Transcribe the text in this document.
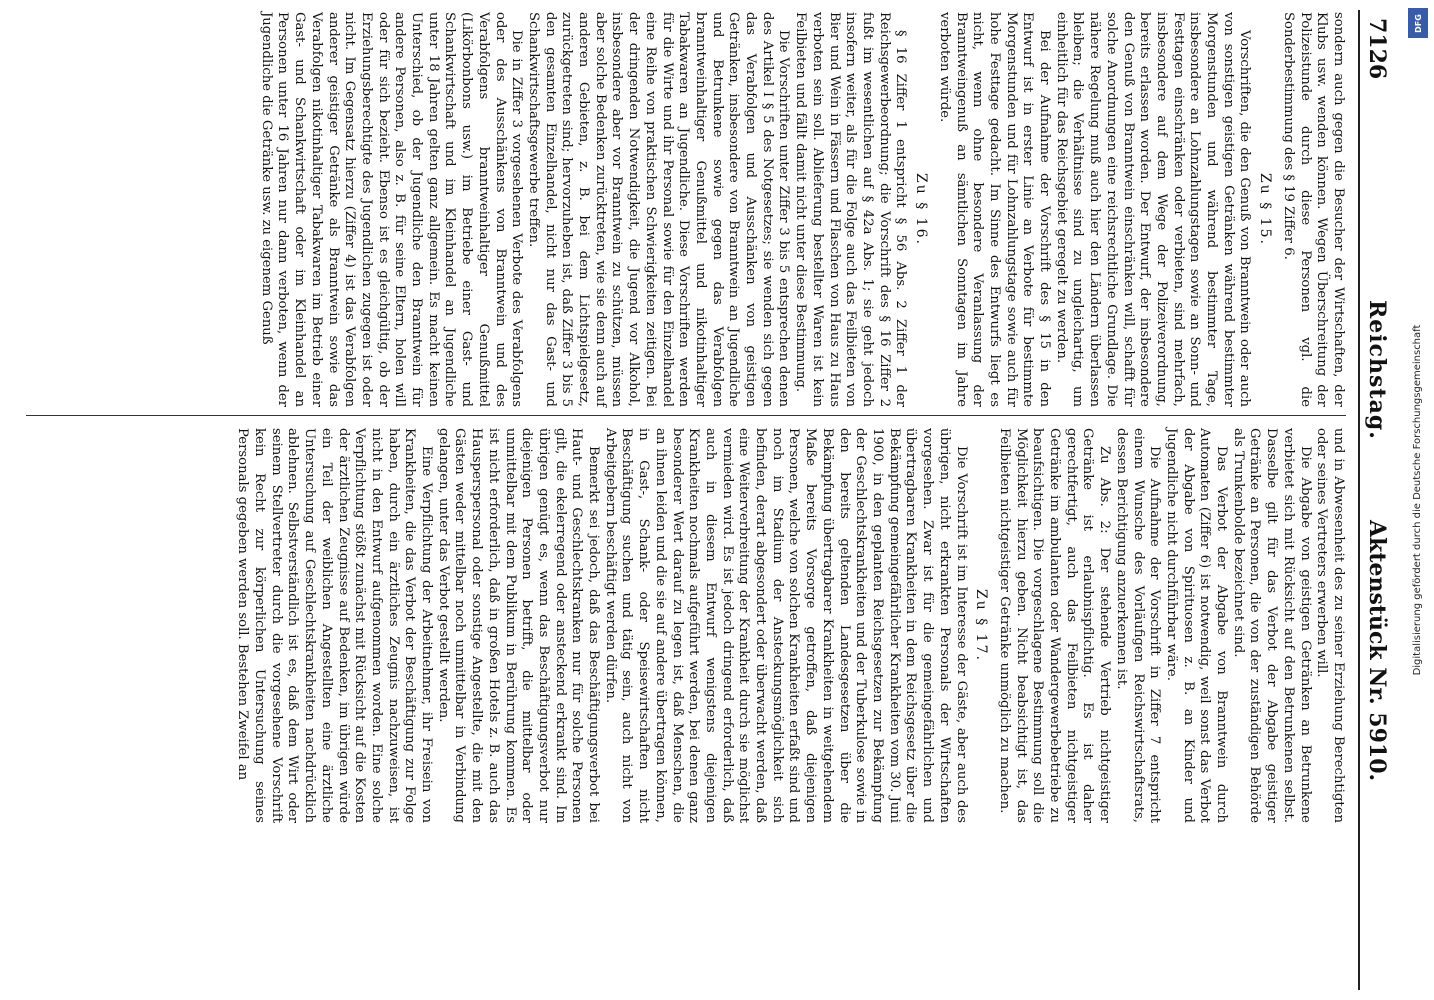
7126
Reichstag.
Aktenstück Nr. 5910.

sondern auch gegen die Besucher der Wirtschaften, der Klubs usw. wenden können. Wegen Überschreitung der Polizeistunde durch diese Personen vgl. die Sonderbestimmung des § 19 Ziffer 6.

Zu § 15.

Vorschriften, die den Genuß von Branntwein oder auch von sonstigen geistigen Getränken während bestimmter Morgenstunden und während bestimmter Tage, insbesondere an Lohnzahlungstagen sowie an Sonn- und Festtagen einschränken oder verbieten, sind mehrfach, insbesondere auf dem Wege der Polizeiverordnung, bereits erlassen worden. Der Entwurf, der insbesondere den Genuß von Branntwein einschränken will, schafft für solche Anordnungen eine reichsrechtliche Grundlage. Die nähere Regelung muß auch hier den Ländern überlassen bleiben; die Verhältnisse sind zu ungleichartig, um einheitlich für das Reichsgebiet geregelt zu werden.

Bei der Aufnahme der Vorschrift des § 15 in den Entwurf ist in erster Linie an Verbote für bestimmte Morgenstunden und für Lohnzahlungstage sowie auch für hohe Festtage gedacht. Im Sinne des Entwurfs liegt es nicht, wenn ohne besondere Veranlassung der Branntweingenuß an sämtlichen Sonntagen im Jahre verboten würde.

Zu § 16.

§ 16 Ziffer 1 entspricht § 56 Abs. 2 Ziffer 1 der Reichsgewerbeordnung; die Vorschrift des § 16 Ziffer 2 fußt im wesentlichen auf § 42a Abs. 1; sie geht jedoch insofern weiter, als für die Folge auch das Feilbieten von Bier und Wein in Fässern und Flaschen von Haus zu Haus verboten sein soll. Ablieferung bestellter Waren ist kein Feilbieten und fällt damit nicht unter diese Bestimmung.

Die Vorschriften unter Ziffer 3 bis 5 entsprechen denen des Artikel I § 5 des Notgesetzes; sie wenden sich gegen das Verabfolgen und Ausschänken von geistigen Getränken, insbesondere von Branntwein an Jugendliche und Betrunkene sowie gegen das Verabfolgen branntweinhaltiger Genußmittel und nikotinhaltiger Tabakwaren an Jugendliche. Diese Vorschriften werden für die Wirte und ihr Personal sowie für den Einzelhandel eine Reihe von praktischen Schwierigkeiten zeitigen. Bei der dringenden Notwendigkeit, die Jugend vor Alkohol, insbesondere aber vor Branntwein zu schützen, müssen aber solche Bedenken zurücktreten, wie sie denn auch auf anderen Gebieten, z. B. bei dem Lichtspielgesetz, zurückgetreten sind; hervorzuheben ist, daß Ziffer 3 bis 5 den gesamten Einzelhandel, nicht nur das Gast- und Schankwirtschaftsgewerbe treffen.

Die in Ziffer 3 vorgesehenen Verbote des Verabfolgens oder des Ausschänkens von Branntwein und des Verabfolgens branntweinhaltiger Genußmittel (Likörbonbons usw.) im Betriebe einer Gast- und Schankwirtschaft und im Kleinhandel an Jugendliche unter 18 Jahren gelten ganz allgemein. Es macht keinen Unterschied, ob der Jugendliche den Branntwein für andere Personen, also z. B. für seine Eltern, holen will oder für sich bezieht. Ebenso ist es gleichgültig, ob der Erziehungsberechtigte des Jugendlichen zugegen ist oder nicht. Im Gegensatz hierzu (Ziffer 4) ist das Verabfolgen anderer geistiger Getränke als Branntwein sowie das Verabfolgen nikotinhaltiger Tabakwaren im Betrieb einer Gast- und Schankwirtschaft oder im Kleinhandel an Personen unter 16 Jahren nur dann verboten, wenn der Jugendliche die Getränke usw. zu eigenem Genuß

und in Abwesenheit des zu seiner Erziehung Berechtigten oder seines Vertreters erwerben will.

Die Abgabe von geistigen Getränken an Betrunkene verbietet sich mit Rücksicht auf den Betrunkenen selbst. Dasselbe gilt für das Verbot der Abgabe geistiger Getränke an Personen, die von der zuständigen Behörde als Trunkenbolde bezeichnet sind.

Das Verbot der Abgabe von Branntwein durch Automaten (Ziffer 6) ist notwendig, weil sonst das Verbot der Abgabe von Spirituosen z. B. an Kinder und Jugendliche nicht durchführbar wäre.

Die Aufnahme der Vorschrift in Ziffer 7 entspricht einem Wunsche des Vorläufigen Reichswirtschaftsrats, dessen Berichtigung anzuerkennen ist.

Zu Abs. 2: Der stehende Vertrieb nichtgeistiger Getränke ist erlaubnispflichtig. Es ist daher gerechtfertigt, auch das Feilbieten nichtgeistiger Getränke im ambulanten oder Wandergewerbebetriebe zu beaufsichtigen. Die vorgeschlagene Bestimmung soll die Möglichkeit hierzu geben. Nicht beabsichtigt ist, das Feilbieten nichtgeistiger Getränke unmöglich zu machen.

Zu § 17.

Die Vorschrift ist im Interesse der Gäste, aber auch des übrigen, nicht erkrankten Personals der Wirtschaften vorgesehen. Zwar ist für die gemeingefährlichen und übertragbaren Krankheiten in dem Reichsgesetz über die Bekämpfung gemeingefährlicher Krankheiten vom 30. Juni 1900, in den geplanten Reichsgesetzen zur Bekämpfung der Geschlechtskrankheiten und der Tuberkulose sowie in den bereits geltenden Landesgesetzen über die Bekämpfung übertragbarer Krankheiten in weitgehendem Maße bereits Vorsorge getroffen, daß diejenigen Personen, welche von solchen Krankheiten erfaßt sind und noch im Stadium der Ansteckungsmöglichkeit sich befinden, derart abgesondert oder überwacht werden, daß eine Weiterverbreitung der Krankheit durch sie möglichst vermieden wird. Es ist jedoch dringend erforderlich, daß auch in diesem Entwurf wenigstens diejenigen Krankheiten nochmals aufgeführt werden, bei denen ganz besonderer Wert darauf zu legen ist, daß Menschen, die an ihnen leiden und die sie auf andere übertragen können, in Gast-, Schank- oder Speisewirtschaften nicht Beschäftigung suchen und tätig sein, auch nicht von Arbeitgebern beschäftigt werden dürfen.

Bemerkt sei jedoch, daß das Beschäftigungsverbot bei Haut- und Geschlechtskranken nur für solche Personen gilt, die ekelerregend oder ansteckend erkrankt sind. Im übrigen genügt es, wenn das Beschäftigungsverbot nur diejenigen Personen betrifft, die mittelbar oder unmittelbar mit dem Publikum in Berührung kommen. Es ist nicht erforderlich, daß in großen Hotels z. B. auch das Hausperspersonal oder sonstige Angestellte, die mit den Gästen weder mittelbar noch unmittelbar in Verbindung gelangen, unter das Verbot gestellt werden.

Eine Verpflichtung der Arbeitnehmer, ihr Freisein von Krankheiten, die das Verbot der Beschäftigung zur Folge haben, durch ein ärztliches Zeugnis nachzuweisen, ist nicht in den Entwurf aufgenommen worden. Eine solche Verpflichtung stößt zunächst mit Rücksicht auf die Kosten der ärztlichen Zeugnisse auf Bedenken, im übrigen würde ein Teil der weiblichen Angestellten eine ärztliche Untersuchung auf Geschlechtskrankheiten nachdrücklich ablehnen. Selbstverständlich ist es, daß dem Wirt oder seinem Stellvertreter durch die vorgesehene Vorschrift kein Recht zur körperlichen Untersuchung seines Personals gegeben werden soll. Bestehen Zweifel an

DFG
Digitalisierung gefördert durch die Deutsche Forschungsgemeinschaft
